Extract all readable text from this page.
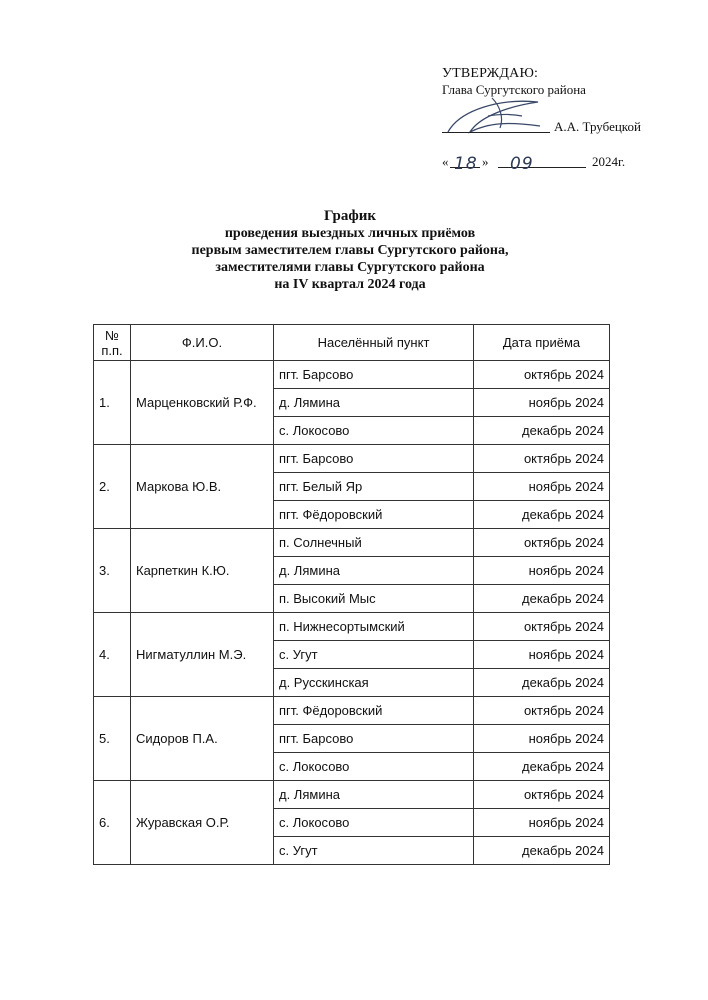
УТВЕРЖДАЮ:
Глава Сургутского района
А.А. Трубецкой
« 18 » 09	2024г.
График
проведения выездных личных приёмов
первым заместителем главы Сургутского района,
заместителями главы Сургутского района
на IV квартал 2024 года
№
п.п.	Ф.И.О.	Населённый пункт	Дата приёма
1.	Марценковский Р.Ф.	пгт. Барсово	октябрь 2024
		д. Лямина	ноябрь 2024
		с. Локосово	декабрь 2024
2.	Маркова Ю.В.	пгт. Барсово	октябрь 2024
		пгт. Белый Яр	ноябрь 2024
		пгт. Фёдоровский	декабрь 2024
3.	Карпеткин К.Ю.	п. Солнечный	октябрь 2024
		д. Лямина	ноябрь 2024
		п. Высокий Мыс	декабрь 2024
4.	Нигматуллин М.Э.	п. Нижнесортымский	октябрь 2024
		с. Угут	ноябрь 2024
		д. Русскинская	декабрь 2024
5.	Сидоров П.А.	пгт. Фёдоровский	октябрь 2024
		пгт. Барсово	ноябрь 2024
		с. Локосово	декабрь 2024
6.	Журавская О.Р.	д. Лямина	октябрь 2024
		с. Локосово	ноябрь 2024
		с. Угут	декабрь 2024
